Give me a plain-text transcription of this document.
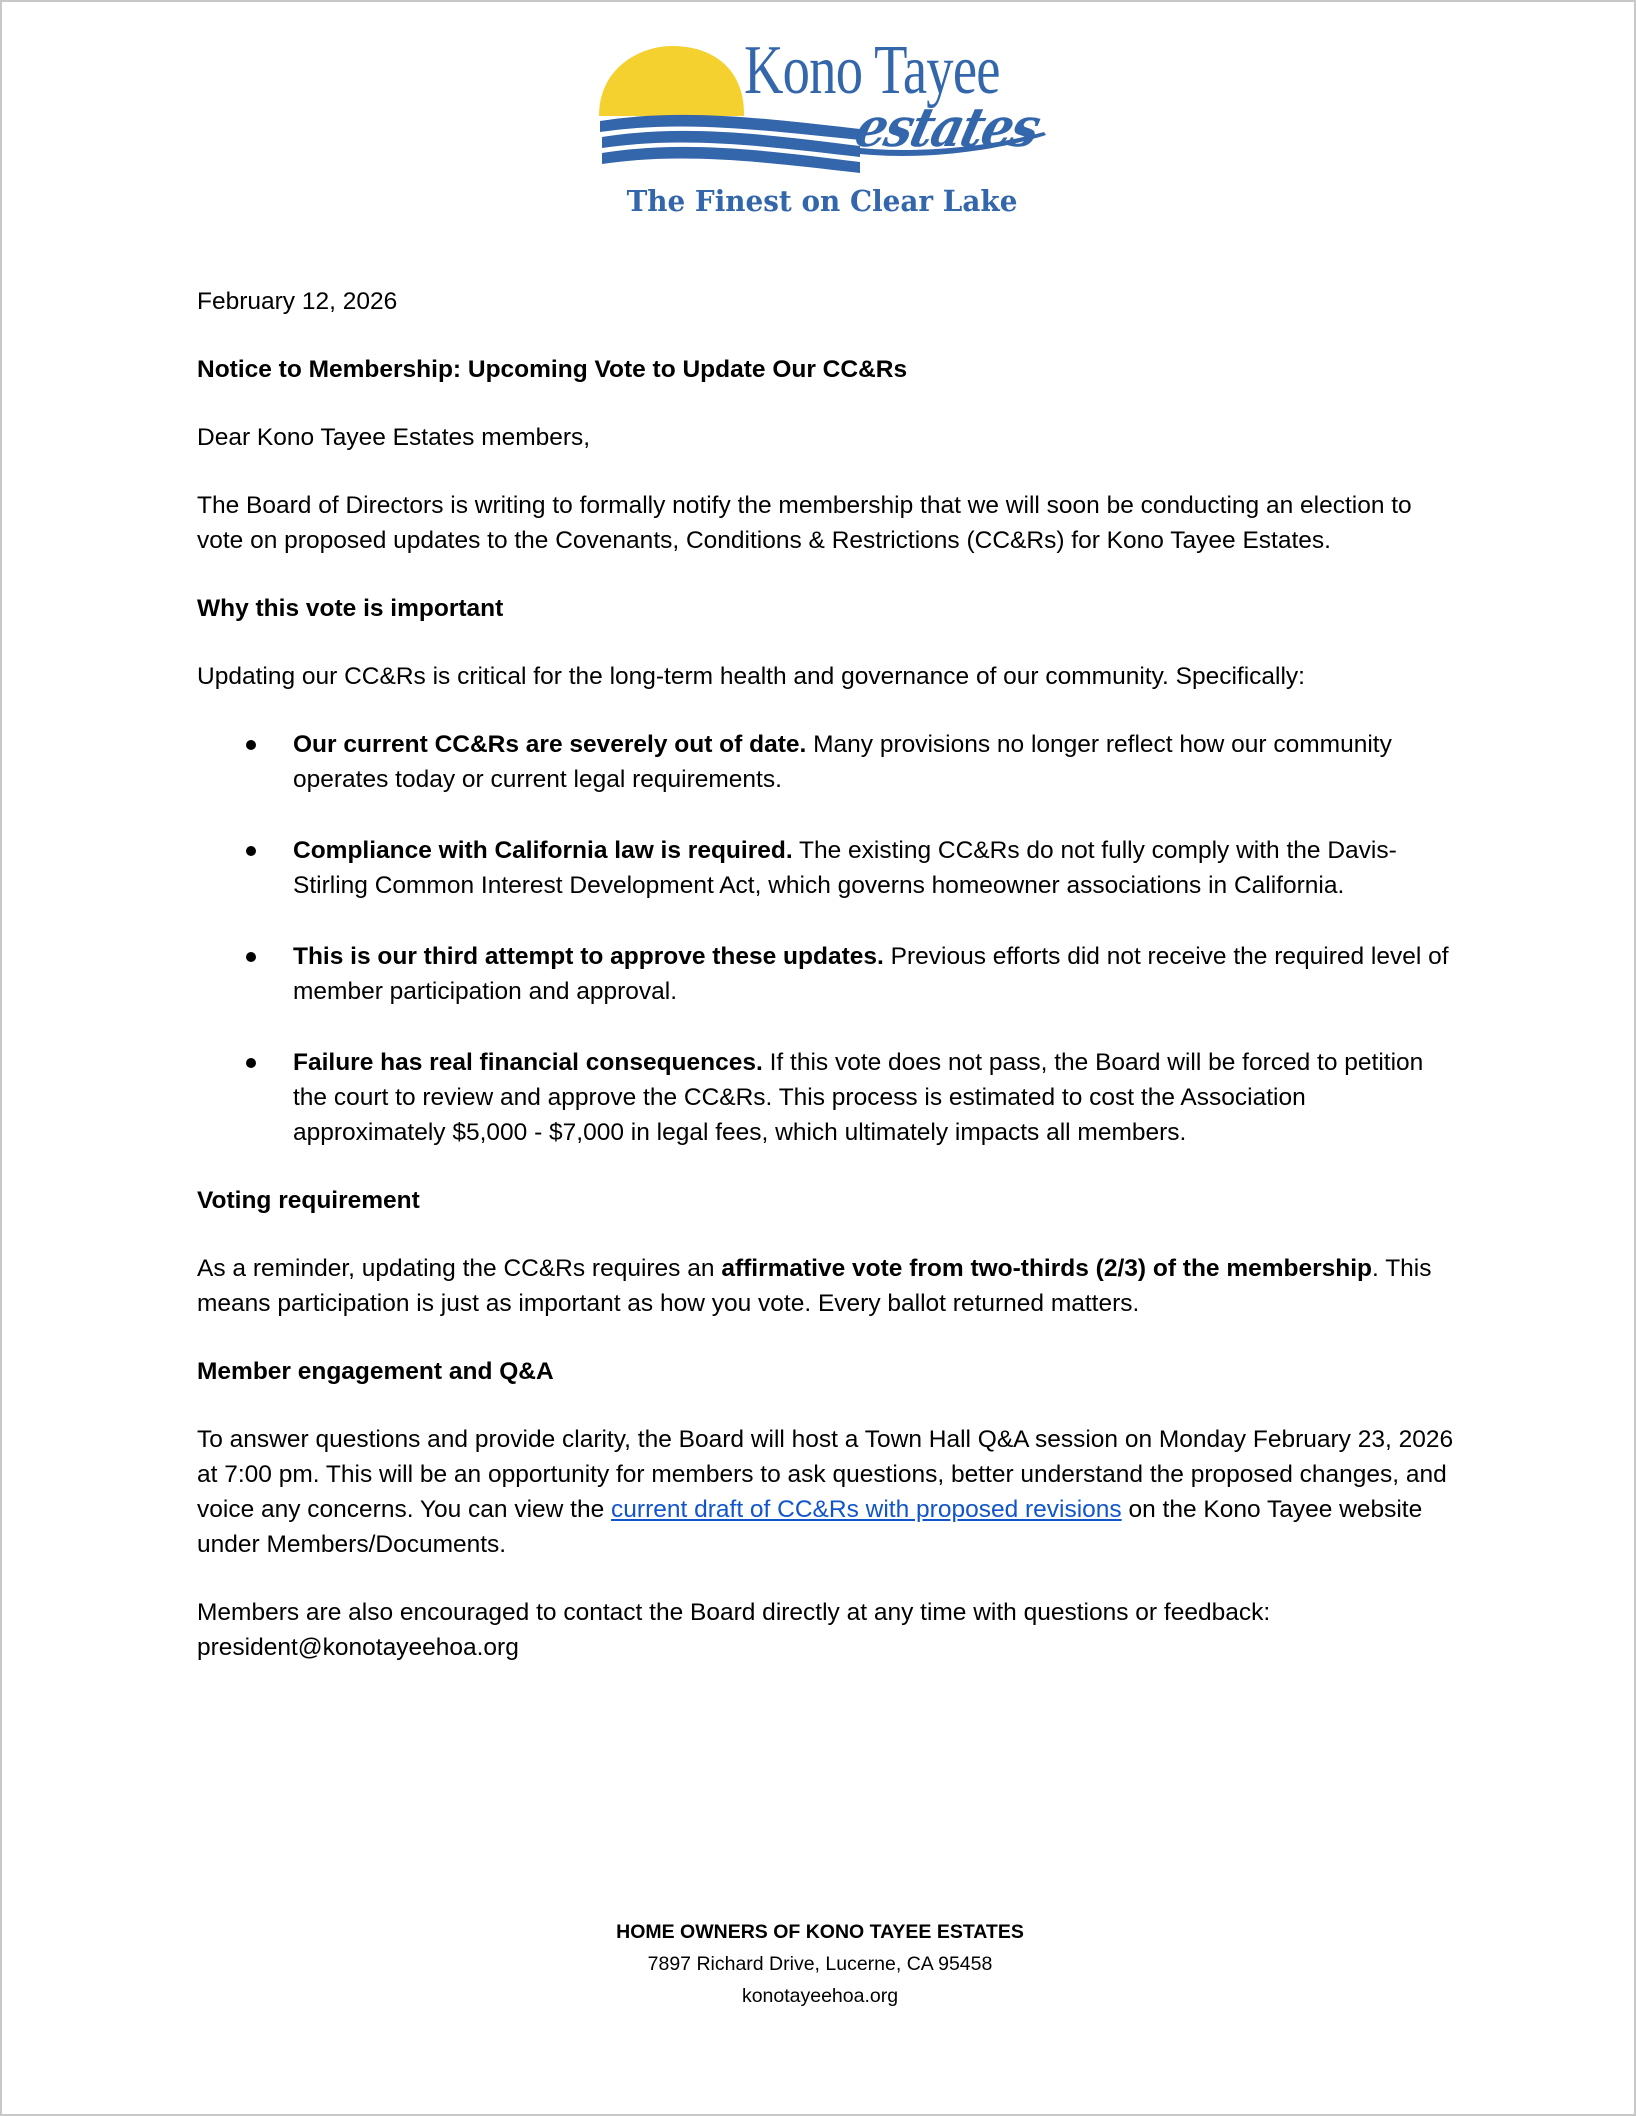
Kono Tayee
estates
The Finest on Clear Lake

February 12, 2026

Notice to Membership: Upcoming Vote to Update Our CC&Rs

Dear Kono Tayee Estates members,

The Board of Directors is writing to formally notify the membership that we will soon be conducting an election to vote on proposed updates to the Covenants, Conditions & Restrictions (CC&Rs) for Kono Tayee Estates.

Why this vote is important

Updating our CC&Rs is critical for the long-term health and governance of our community. Specifically:

Our current CC&Rs are severely out of date. Many provisions no longer reflect how our community operates today or current legal requirements.
Compliance with California law is required. The existing CC&Rs do not fully comply with the Davis-Stirling Common Interest Development Act, which governs homeowner associations in California.
This is our third attempt to approve these updates. Previous efforts did not receive the required level of member participation and approval.
Failure has real financial consequences. If this vote does not pass, the Board will be forced to petition the court to review and approve the CC&Rs. This process is estimated to cost the Association approximately $5,000 - $7,000 in legal fees, which ultimately impacts all members.

Voting requirement

As a reminder, updating the CC&Rs requires an affirmative vote from two-thirds (2/3) of the membership. This means participation is just as important as how you vote. Every ballot returned matters.

Member engagement and Q&A

To answer questions and provide clarity, the Board will host a Town Hall Q&A session on Monday February 23, 2026 at 7:00 pm. This will be an opportunity for members to ask questions, better understand the proposed changes, and voice any concerns. You can view the current draft of CC&Rs with proposed revisions on the Kono Tayee website under Members/Documents.

Members are also encouraged to contact the Board directly at any time with questions or feedback:
president@konotayeehoa.org

HOME OWNERS OF KONO TAYEE ESTATES
7897 Richard Drive, Lucerne, CA 95458
konotayeehoa.org
